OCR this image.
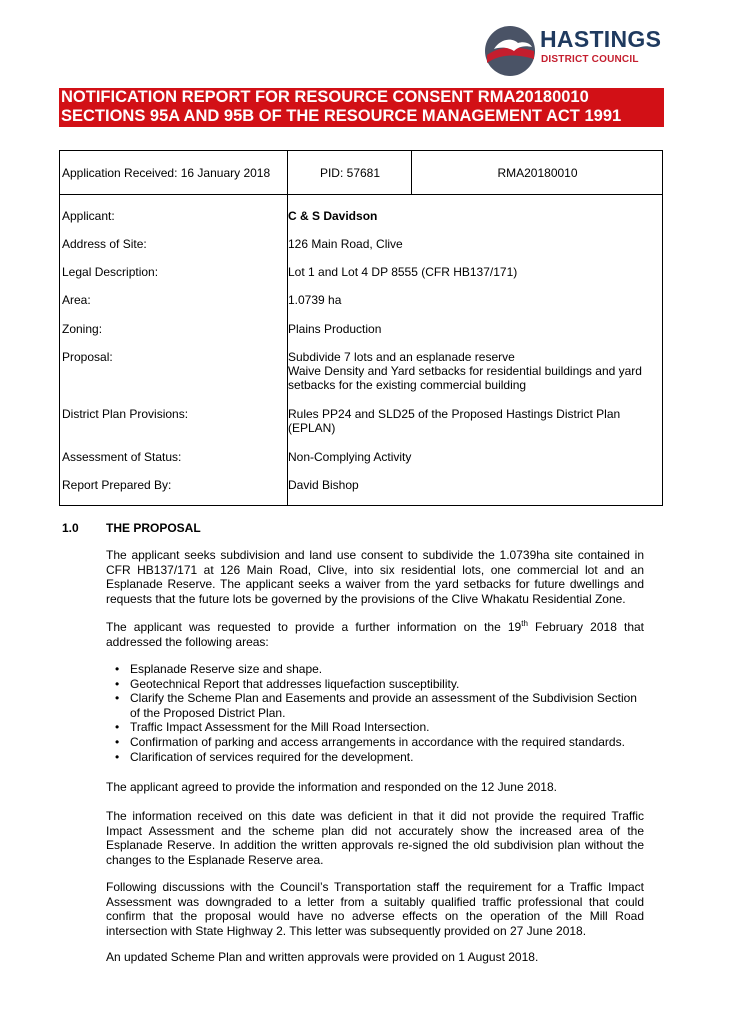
HASTINGS
DISTRICT COUNCIL
NOTIFICATION REPORT FOR RESOURCE CONSENT RMA20180010
SECTIONS 95A AND 95B OF THE RESOURCE MANAGEMENT ACT 1991
Application Received: 16 January 2018	PID: 57681	RMA20180010
Applicant:	C & S Davidson
Address of Site:	126 Main Road, Clive
Legal Description:	Lot 1 and Lot 4 DP 8555 (CFR HB137/171)
Area:	1.0739 ha
Zoning:	Plains Production
Proposal:	Subdivide 7 lots and an esplanade reserve
Waive Density and Yard setbacks for residential buildings and yard setbacks for the existing commercial building
District Plan Provisions:	Rules PP24 and SLD25 of the Proposed Hastings District Plan (EPLAN)
Assessment of Status:	Non-Complying Activity
Report Prepared By:	David Bishop
1.0 THE PROPOSAL
The applicant seeks subdivision and land use consent to subdivide the 1.0739ha site contained in CFR HB137/171 at 126 Main Road, Clive, into six residential lots, one commercial lot and an Esplanade Reserve. The applicant seeks a waiver from the yard setbacks for future dwellings and requests that the future lots be governed by the provisions of the Clive Whakatu Residential Zone.
The applicant was requested to provide a further information on the 19th February 2018 that addressed the following areas:
• Esplanade Reserve size and shape.
• Geotechnical Report that addresses liquefaction susceptibility.
• Clarify the Scheme Plan and Easements and provide an assessment of the Subdivision Section of the Proposed District Plan.
• Traffic Impact Assessment for the Mill Road Intersection.
• Confirmation of parking and access arrangements in accordance with the required standards.
• Clarification of services required for the development.
The applicant agreed to provide the information and responded on the 12 June 2018.
The information received on this date was deficient in that it did not provide the required Traffic Impact Assessment and the scheme plan did not accurately show the increased area of the Esplanade Reserve. In addition the written approvals re-signed the old subdivision plan without the changes to the Esplanade Reserve area.
Following discussions with the Council’s Transportation staff the requirement for a Traffic Impact Assessment was downgraded to a letter from a suitably qualified traffic professional that could confirm that the proposal would have no adverse effects on the operation of the Mill Road intersection with State Highway 2. This letter was subsequently provided on 27 June 2018.
An updated Scheme Plan and written approvals were provided on 1 August 2018.
